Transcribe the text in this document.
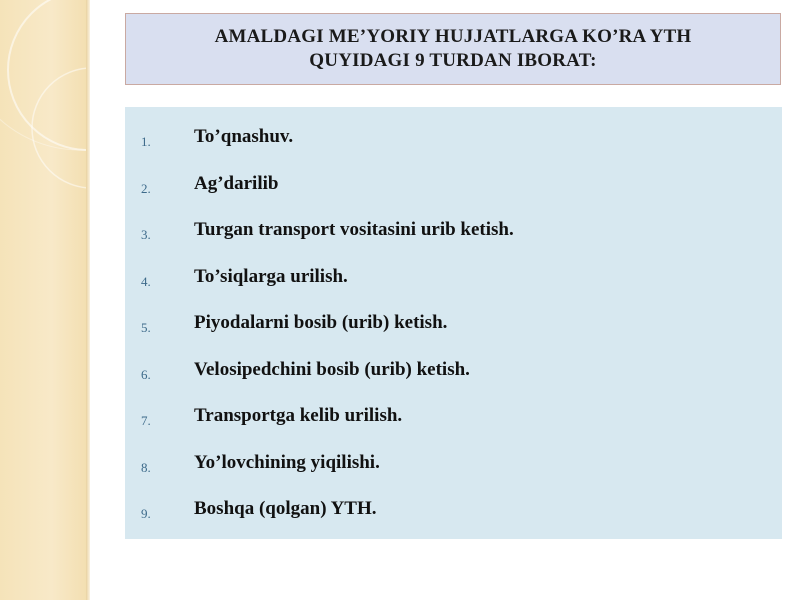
AMALDAGI ME’YORIY HUJJATLARGA KO’RA YTH
QUYIDAGI 9 TURDAN IBORAT:
1. To’qnashuv.
2. Ag’darilib
3. Turgan transport vositasini urib ketish.
4. To’siqlarga urilish.
5. Piyodalarni bosib (urib) ketish.
6. Velosipedchini bosib (urib) ketish.
7. Transportga kelib urilish.
8. Yo’lovchining yiqilishi.
9. Boshqa (qolgan) YTH.
